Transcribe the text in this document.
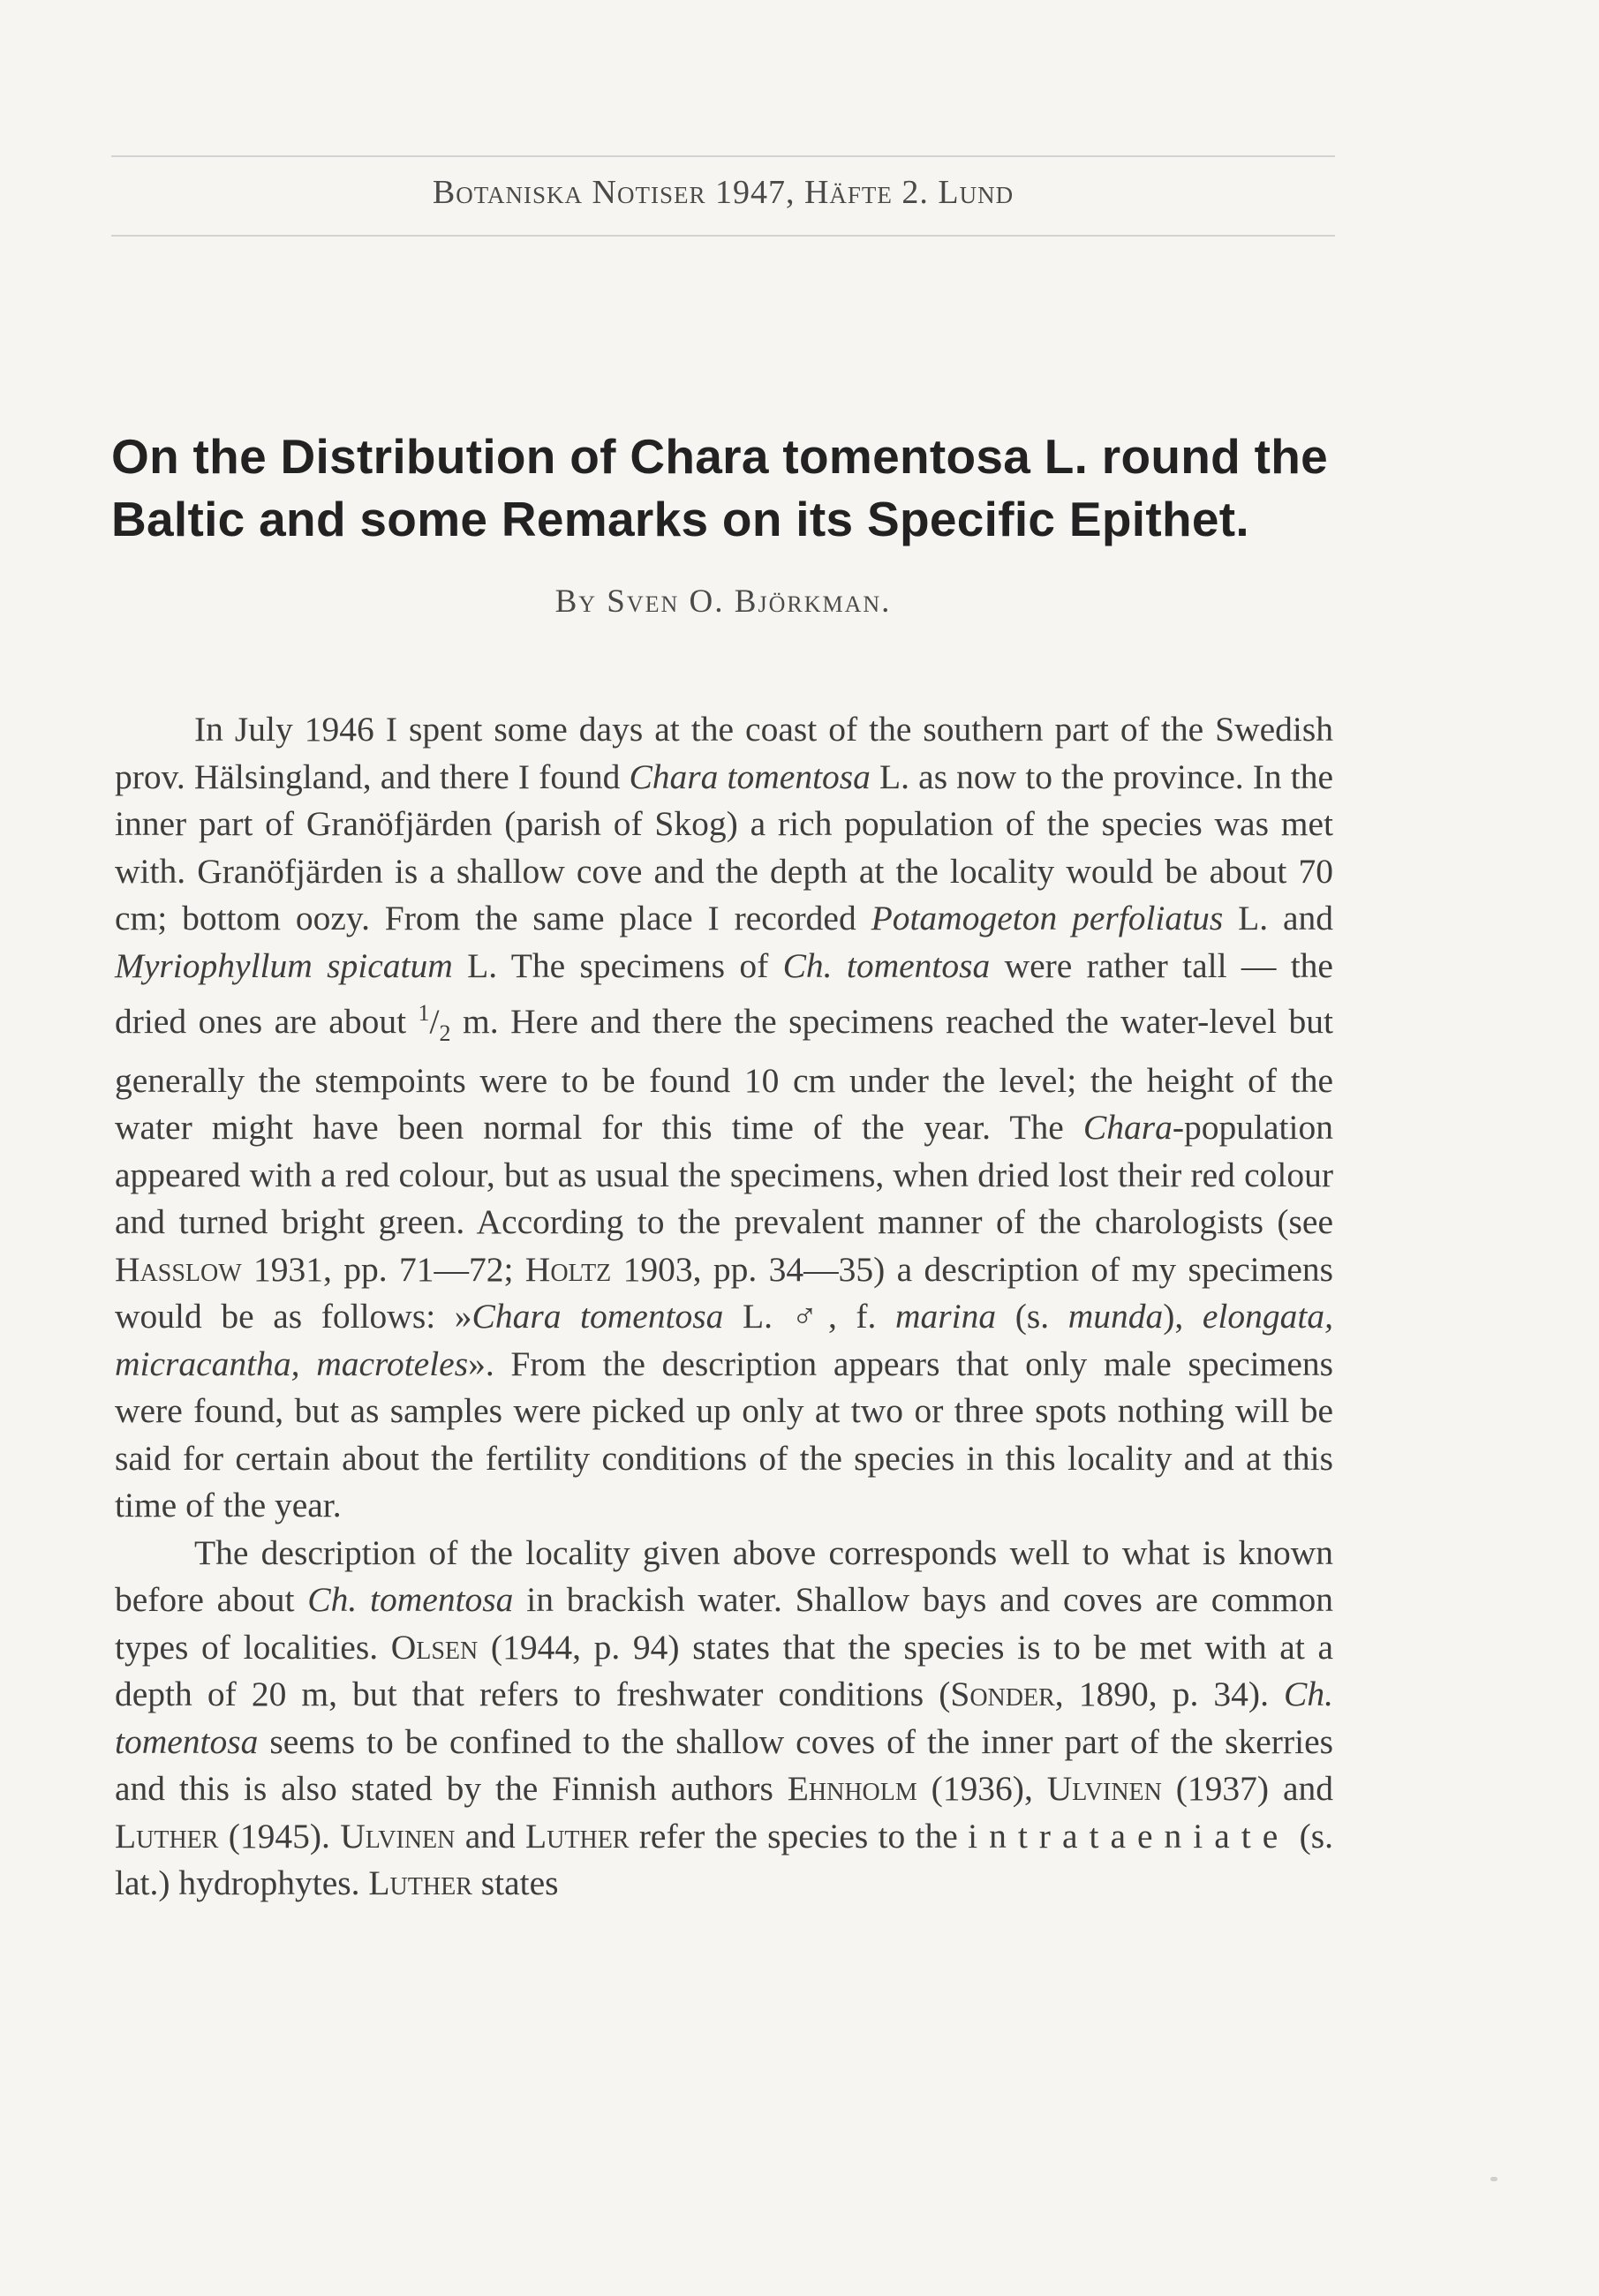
Botaniska Notiser 1947, Häfte 2. Lund
On the Distribution of Chara tomentosa L. round the Baltic and some Remarks on its Specific Epithet.
By Sven O. Björkman.

In July 1946 I spent some days at the coast of the southern part of the Swedish prov. Hälsingland, and there I found Chara tomentosa L. as now to the province. In the inner part of Granöfjärden (parish of Skog) a rich population of the species was met with. Granöfjärden is a shallow cove and the depth at the locality would be about 70 cm; bottom oozy. From the same place I recorded Potamogeton perfoliatus L. and Myriophyllum spicatum L. The specimens of Ch. tomentosa were rather tall — the dried ones are about $^1/_2$ m. Here and there the specimens reached the water-level but generally the stempoints were to be found 10 cm under the level; the height of the water might have been normal for this time of the year. The Chara-population appeared with a red colour, but as usual the specimens, when dried lost their red colour and turned bright green. According to the prevalent manner of the charologists (see Hasslow 1931, pp. 71—72; Holtz 1903, pp. 34—35) a description of my specimens would be as follows: »Chara tomentosa L. ♂, f. marina (s. munda), elongata, micracantha, macroteles». From the description appears that only male specimens were found, but as samples were picked up only at two or three spots nothing will be said for certain about the fertility conditions of the species in this locality and at this time of the year.

The description of the locality given above corresponds well to what is known before about Ch. tomentosa in brackish water. Shallow bays and coves are common types of localities. Olsen (1944, p. 94) states that the species is to be met with at a depth of 20 m, but that refers to freshwater conditions (Sonder, 1890, p. 34). Ch. tomentosa seems to be confined to the shallow coves of the inner part of the skerries and this is also stated by the Finnish authors Ehnholm (1936), Ulvinen (1937) and Luther (1945). Ulvinen and Luther refer the species to the intrataeniate (s. lat.) hydrophytes. Luther states
